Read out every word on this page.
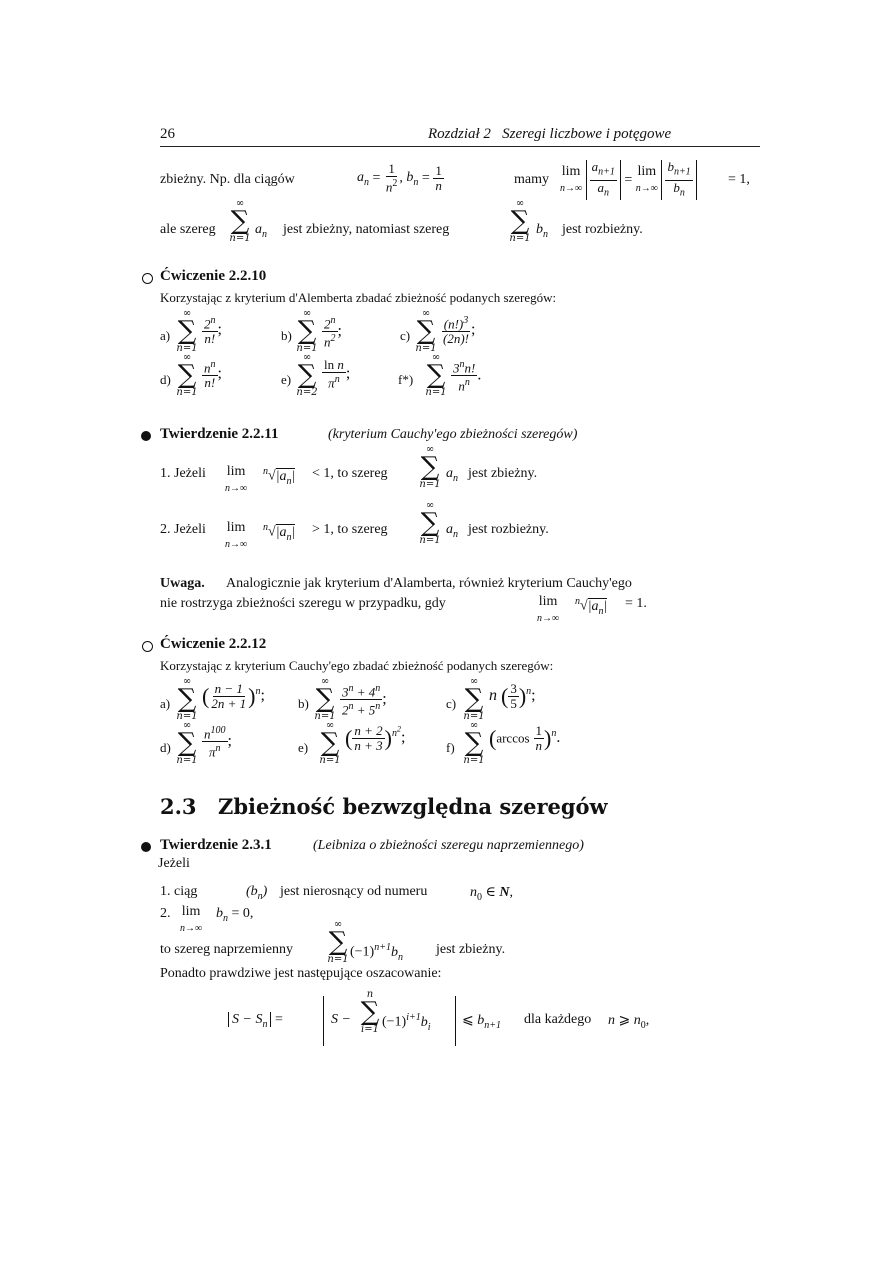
26	Rozdział 2   Szeregi liczbowe i potęgowe
zbieżny. Np. dla ciągów	$a_n = \frac{1}{n^2}$ , $b_n = \frac{1}{n}$	mamy
lim
$n\to\infty \frac{a_{n+1}}{a_n} = \lim$
$n\to\infty \frac{b_{n+1}}{b_n}$	= 1,
ale szereg
∞
∑
n=1
$a_n$ jest zbieżny, natomiast szereg
∞
∑
n=1
$b_n$ jest rozbieżny.
Ćwiczenie 2.2.10
Korzystając z kryterium d'Alemberta zbadać zbieżność podanych szeregów:
a)
∞
∑
n=1
$\frac{2^n}{n!}$ ;	b)
∞
∑
$n=1 \frac{2^n}{n^2}$ ;	c)
∞
∑
n=1
$\frac{(n!)^3}{(2n)!}$ ;
d)
∞
∑
n=1
$\frac{n^n}{n!}$ ;	e)
∞
∑
n=2
$\frac{\text{ln n}}{\pi^n}$ ;	f*)
∞
∑
$n=1 \frac{3^nn!}{n^n}$ .
Twierdzenie 2.2.11	(kryterium Cauchy'ego zbieżności szeregów)
1. Jeżeli lim
n→∞
$^n√|a_n| < 1$, to szereg
∞
∑
n=1
$a_n$ jest zbieżny.
2. Jeżeli lim
n→∞
$^n√|a_n| > 1$, to szereg
∞
∑
n=1
$a_n$ jest rozbieżny.
Uwaga. Analogicznie jak kryterium d'Alamberta, również kryterium Cauchy'ego
nie rostrzyga zbieżności szeregu w przypadku, gdy	lim
n→∞
$^n√|a_n| = 1$.
Ćwiczenie 2.2.12
Korzystając z kryterium Cauchy'ego zbadać zbieżność podanych szeregów:
a)
∞
∑
n=1
( $\frac{n - 1}{2n + 1} )^n$;	b)
∞
∑
$n=1 \frac{3^n + 4^n}{2^n + 5^n}$ ;	c)
∞
∑
n=1
n ( $\frac{3}{5} )^n$;
d)
∞
∑
n=1
$\frac{n^{100}}{\pi^n}$ ;	e)
∞
∑
n=1
( $\frac{n + 2}{n + 3} )^{n^2}$;
f)
∞
∑
n=1
$(\arccos \frac{1}{n} )^n$.
2.3 Zbieżność bezwzględna szeregów
Twierdzenie 2.3.1	(Leibniza o zbieżności szeregu naprzemiennego)
Jeżeli
1. ciąg	$(b_n)$ jest nierosnący od numeru	$n_0$ ∈ N,
2. lim
n→∞
$b_n = 0$,
to szereg naprzemienny
∞
∑
n=1 $(-1)^{n+1}b_n$ jest zbieżny.
Ponadto prawdziwe jest następujące oszacowanie:
$S - S_n$ =	S −
n
∑
i=1 $(-1)^{i+1}b_i$ ⩽ $b_{n+1}$ dla każdego n ⩾ $n_0$,
